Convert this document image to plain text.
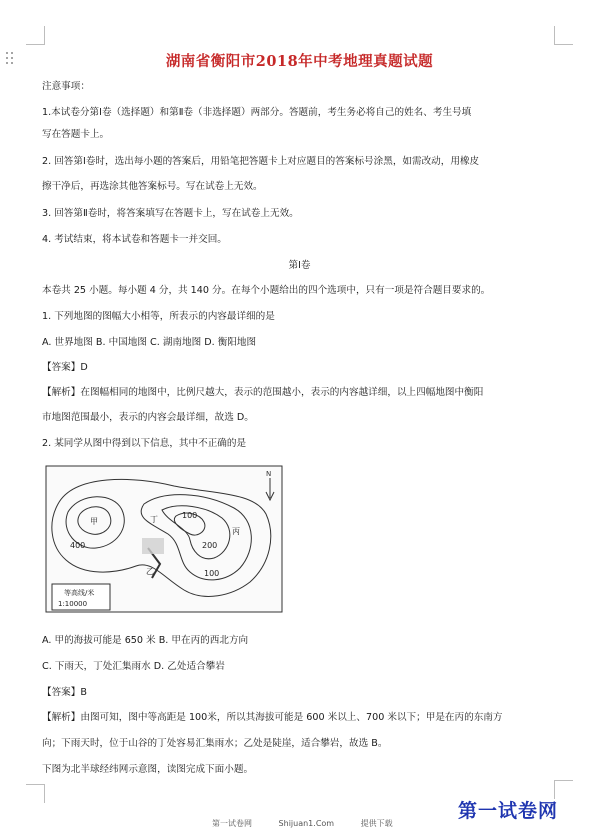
湖南省衡阳市2018年中考地理真题试题
注意事项：
1.本试卷分第Ⅰ卷（选择题）和第Ⅱ卷（非选择题）两部分。答题前，考生务必将自己的姓名、考生号填
写在答题卡上。
2. 回答第Ⅰ卷时，选出每小题的答案后，用铅笔把答题卡上对应题目的答案标号涂黑，如需改动，用橡皮
擦干净后，再选涂其他答案标号。写在试卷上无效。
3. 回答第Ⅱ卷时，将答案填写在答题卡上，写在试卷上无效。
4. 考试结束，将本试卷和答题卡一并交回。
第Ⅰ卷
本卷共 25 小题。每小题 4 分，共 140 分。在每个小题给出的四个选项中，只有一项是符合题目要求的。
1. 下列地图的图幅大小相等，所表示的内容最详细的是
A. 世界地图 B. 中国地图 C. 湖南地图 D. 衡阳地图
【答案】D
【解析】在图幅相同的地图中，比例尺越大，表示的范围越小，表示的内容越详细，以上四幅地图中衡阳
市地图范围最小，表示的内容会最详细，故选 D。
2. 某同学从图中得到以下信息，其中不正确的是
N
100
200
400
100
甲	丁
丙
乙
等高线/米
1:10000
A. 甲的海拔可能是 650 米 B. 甲在丙的西北方向
C. 下雨天，丁处汇集雨水 D. 乙处适合攀岩
【答案】B
【解析】由图可知，图中等高距是 100米，所以其海拔可能是 600 米以上、700 米以下；甲是在丙的东南方
向；下雨天时，位于山谷的丁处容易汇集雨水；乙处是陡崖，适合攀岩，故选 B。
下图为北半球经纬网示意图，读图完成下面小题。
第一试卷网
第一试卷网	Shijuan1.Com	提供下载
